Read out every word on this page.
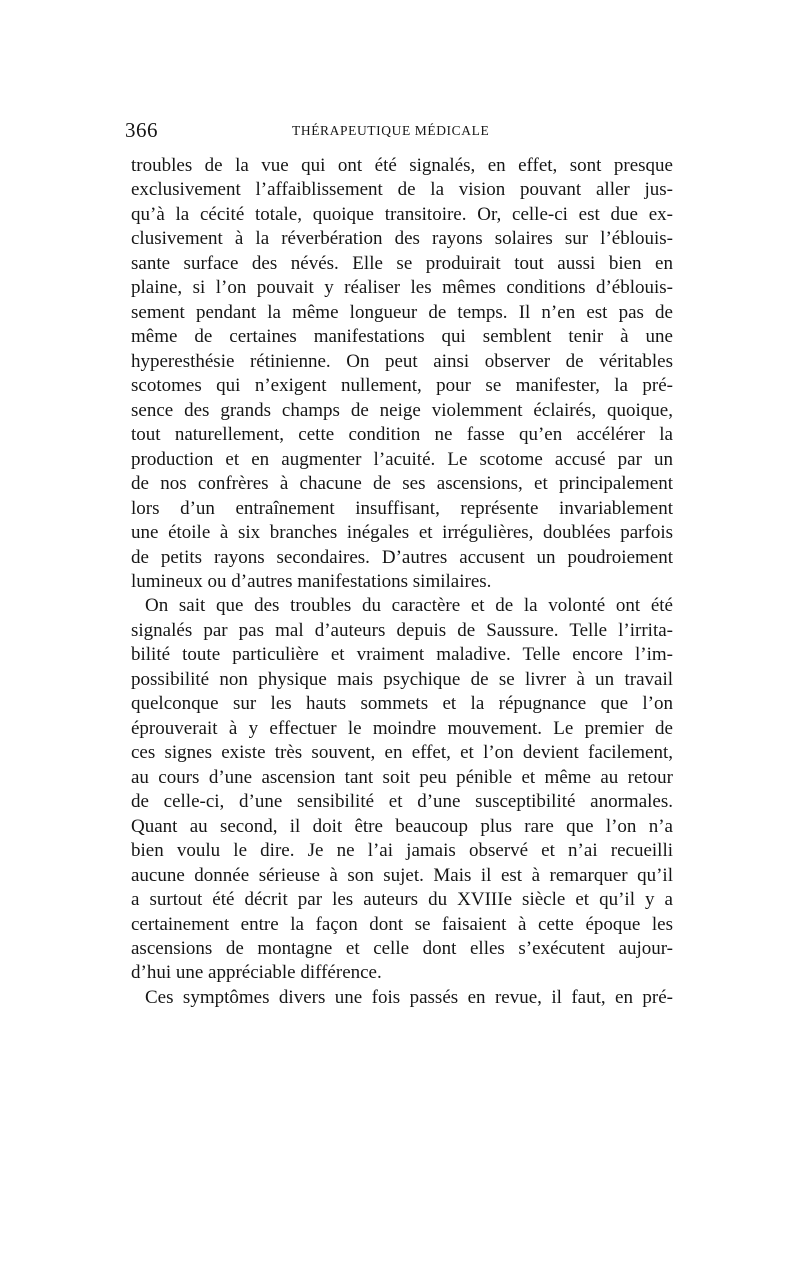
366	THÉRAPEUTIQUE MÉDICALE
troubles de la vue qui ont été signalés, en effet, sont presque
exclusivement l’affaiblissement de la vision pouvant aller jus-
qu’à la cécité totale, quoique transitoire. Or, celle-ci est due ex-
clusivement à la réverbération des rayons solaires sur l’éblouis-
sante surface des névés. Elle se produirait tout aussi bien en
plaine, si l’on pouvait y réaliser les mêmes conditions d’éblouis-
sement pendant la même longueur de temps. Il n’en est pas de
même de certaines manifestations qui semblent tenir à une
hyperesthésie rétinienne. On peut ainsi observer de véritables
scotomes qui n’exigent nullement, pour se manifester, la pré-
sence des grands champs de neige violemment éclairés, quoique,
tout naturellement, cette condition ne fasse qu’en accélérer la
production et en augmenter l’acuité. Le scotome accusé par un
de nos confrères à chacune de ses ascensions, et principalement
lors d’un entraînement insuffisant, représente invariablement
une étoile à six branches inégales et irrégulières, doublées parfois
de petits rayons secondaires. D’autres accusent un poudroiement
lumineux ou d’autres manifestations similaires.
On sait que des troubles du caractère et de la volonté ont été
signalés par pas mal d’auteurs depuis de Saussure. Telle l’irrita-
bilité toute particulière et vraiment maladive. Telle encore l’im-
possibilité non physique mais psychique de se livrer à un travail
quelconque sur les hauts sommets et la répugnance que l’on
éprouverait à y effectuer le moindre mouvement. Le premier de
ces signes existe très souvent, en effet, et l’on devient facilement,
au cours d’une ascension tant soit peu pénible et même au retour
de celle-ci, d’une sensibilité et d’une susceptibilité anormales.
Quant au second, il doit être beaucoup plus rare que l’on n’a
bien voulu le dire. Je ne l’ai jamais observé et n’ai recueilli
aucune donnée sérieuse à son sujet. Mais il est à remarquer qu’il
a surtout été décrit par les auteurs du XVIIIe siècle et qu’il y a
certainement entre la façon dont se faisaient à cette époque les
ascensions de montagne et celle dont elles s’exécutent aujour-
d’hui une appréciable différence.
Ces symptômes divers une fois passés en revue, il faut, en pré-
